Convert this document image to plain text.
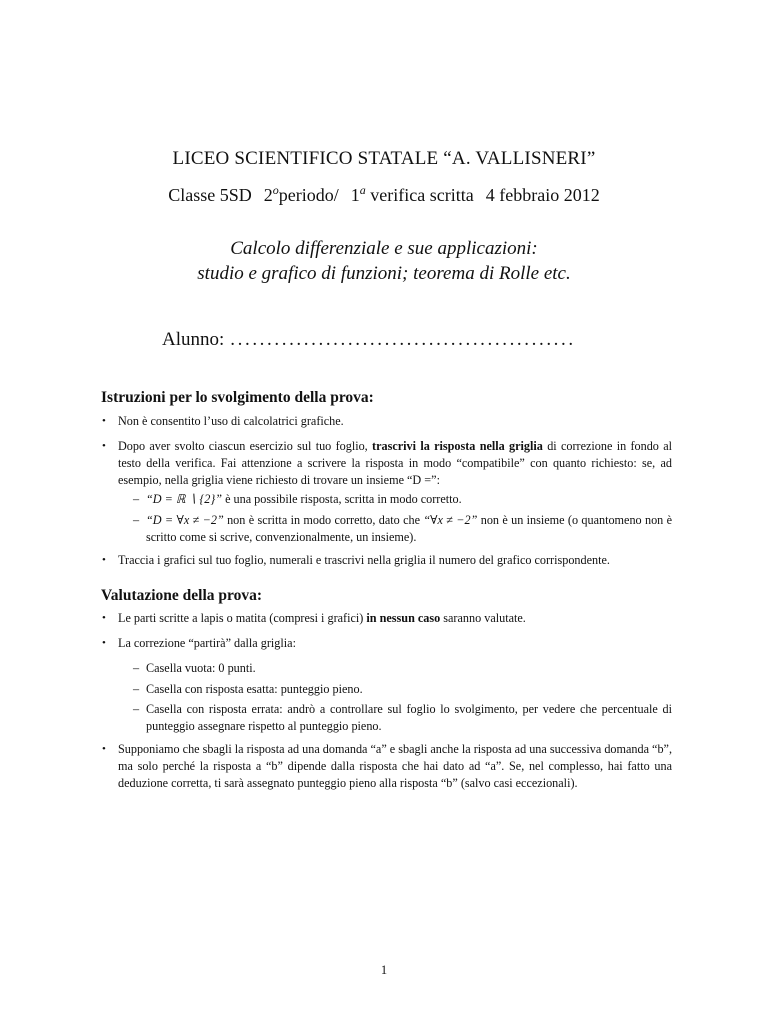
LICEO SCIENTIFICO STATALE “A. VALLISNERI”
Classe 5SD 2$^o$periodo/ 1$^a$ verifica scritta 4 febbraio 2012
Calcolo differenziale e sue applicazioni:
studio e grafico di funzioni; teorema di Rolle etc.
Alunno: ...............................................
Istruzioni per lo svolgimento della prova:
• Non è consentito l’uso di calcolatrici grafiche.

• Dopo aver svolto ciascun esercizio sul tuo foglio, trascrivi la risposta nella griglia di correzione in fondo al testo della verifica. Fai attenzione a scrivere la risposta in modo “compatibile” con quanto richiesto: se, ad esempio, nella griglia viene richiesto di trovare un insieme “D =”:

– “D = ℝ ∖ {2}” è una possibile risposta, scritta in modo corretto.

– “D = ∀x ≠ −2” non è scritta in modo corretto, dato che “∀x ≠ −2” non è un insieme (o quantomeno non è scritto come si scrive, convenzionalmente, un insieme).

• Traccia i grafici sul tuo foglio, numerali e trascrivi nella griglia il numero del grafico corrispondente.

Valutazione della prova:
• Le parti scritte a lapis o matita (compresi i grafici) in nessun caso saranno valutate.

• La correzione “partirà” dalla griglia:

– Casella vuota: 0 punti.

– Casella con risposta esatta: punteggio pieno.

– Casella con risposta errata: andrò a controllare sul foglio lo svolgimento, per vedere che percentuale di punteggio assegnare rispetto al punteggio pieno.

• Supponiamo che sbagli la risposta ad una domanda “a” e sbagli anche la risposta ad una successiva domanda “b”, ma solo perché la risposta a “b” dipende dalla risposta che hai dato ad “a”. Se, nel complesso, hai fatto una deduzione corretta, ti sarà assegnato punteggio pieno alla risposta “b” (salvo casi eccezionali).

1
